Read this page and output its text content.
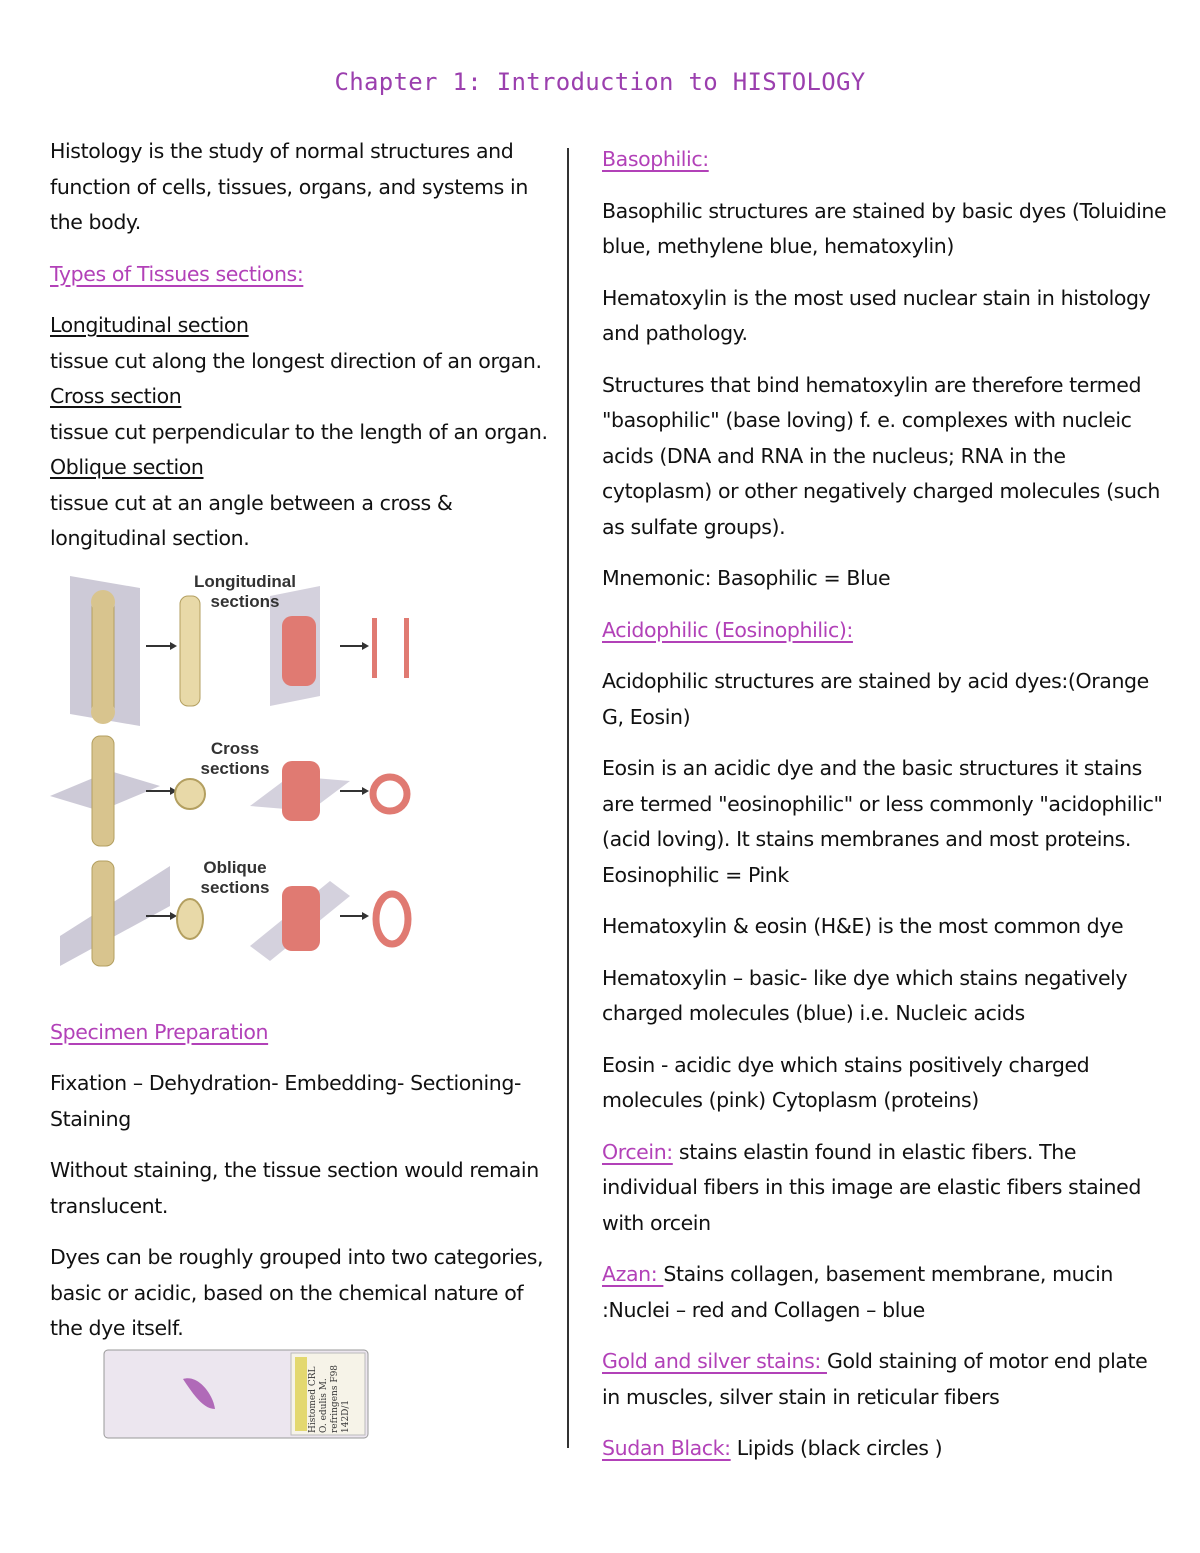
Chapter 1: Introduction to HISTOLOGY
Histology is the study of normal structures and function of cells, tissues, organs, and systems in the body.
Types of Tissues sections:
Longitudinal section
tissue cut along the longest direction of an organ.
Cross section
tissue cut perpendicular to the length of an organ.
Oblique section
tissue cut at an angle between a cross & longitudinal section.
Specimen Preparation
Fixation – Dehydration- Embedding- Sectioning-Staining
Without staining, the tissue section would remain translucent.
Dyes can be roughly grouped into two categories, basic or acidic, based on the chemical nature of the dye itself.
Longitudinal
sections
Cross
sections
Oblique
sections
Histomed CRL O. edulis M. refringens F98 142D/1
Basophilic:
Basophilic structures are stained by basic dyes (Toluidine blue, methylene blue, hematoxylin)
Hematoxylin is the most used nuclear stain in histology and pathology.
Structures that bind hematoxylin are therefore termed "basophilic" (base loving) f. e. complexes with nucleic acids (DNA and RNA in the nucleus; RNA in the cytoplasm) or other negatively charged molecules (such as sulfate groups).
Mnemonic: Basophilic = Blue
Acidophilic (Eosinophilic):
Acidophilic structures are stained by acid dyes:(Orange G, Eosin)
Eosin is an acidic dye and the basic structures it stains are termed "eosinophilic" or less commonly "acidophilic" (acid loving). It stains membranes and most proteins. Eosinophilic = Pink
Hematoxylin & eosin (H&E) is the most common dye
Hematoxylin – basic- like dye which stains negatively charged molecules (blue) i.e. Nucleic acids
Eosin - acidic dye which stains positively charged molecules (pink) Cytoplasm (proteins)
Orcein: stains elastin found in elastic fibers. The individual fibers in this image are elastic fibers stained with orcein
Azan: Stains collagen, basement membrane, mucin :Nuclei – red and Collagen – blue
Gold and silver stains: Gold staining of motor end plate in muscles, silver stain in reticular fibers
Sudan Black: Lipids (black circles )
